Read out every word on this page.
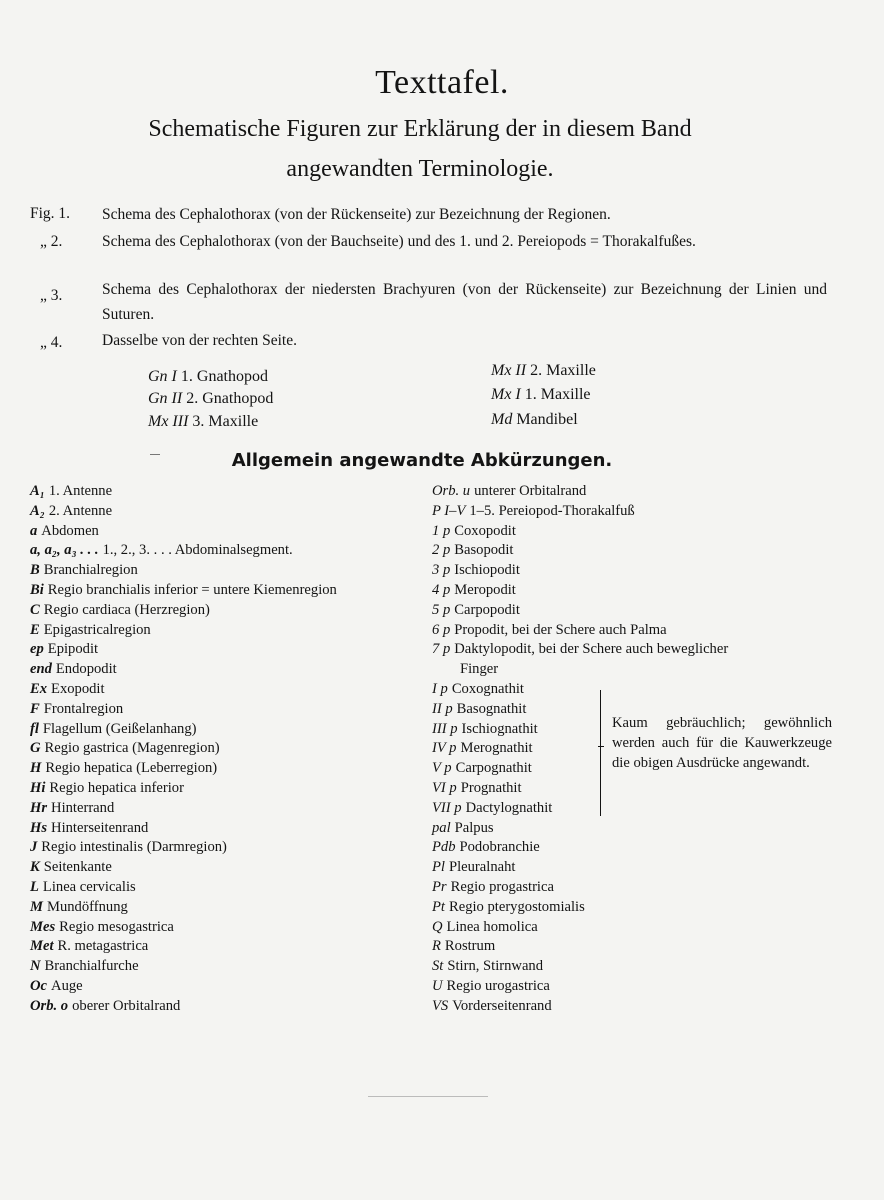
Texttafel.
Schematische Figuren zur Erklärung der in diesem Band
angewandten Terminologie.
Fig. 1. Schema des Cephalothorax (von der Rückenseite) zur Bezeichnung der Regionen.
„ 2.	Schema des Cephalothorax (von der Bauchseite) und des 1. und 2. Pereiopods = Thorakalfußes.
„ 3.	Schema des Cephalothorax der niedersten Brachyuren (von der Rückenseite) zur Bezeichnung der Linien und Suturen.
„ 4.	Dasselbe von der rechten Seite.
Gn I 1. Gnathopod
Gn II 2. Gnathopod
Mx III 3. Maxille
Mx II 2. Maxille
Mx I 1. Maxille
Md Mandibel
Allgemein angewandte Abkürzungen.
A₁ 1. Antenne
A₂ 2. Antenne
a Abdomen
a, a₂, a₃ . . . 1., 2., 3. . . . Abdominalsegment.
B Branchialregion
Bi Regio branchialis inferior = untere Kiemenregion
C Regio cardiaca (Herzregion)
E Epigastricalregion
ep Epipodit
end Endopodit
Ex Exopodit
F Frontalregion
fl Flagellum (Geißelanhang)
G Regio gastrica (Magenregion)
H Regio hepatica (Leberregion)
Hi Regio hepatica inferior
Hr Hinterrand
Hs Hinterseitenrand
J Regio intestinalis (Darmregion)
K Seitenkante
L Linea cervicalis
M Mundöffnung
Mes Regio mesogastrica
Met R. metagastrica
N Branchialfurche
Oc Auge
Orb. o oberer Orbitalrand
Orb. u unterer Orbitalrand
P I–V 1–5. Pereiopod-Thorakalfuß
1 p Coxopodit
2 p Basopodit
3 p Ischiopodit
4 p Meropodit
5 p Carpopodit
6 p Propodit, bei der Schere auch Palma
7 p Daktylopodit, bei der Schere auch beweglicher
Finger
I p Coxognathit
II p Basognathit
III p Ischiognathit
IV p Merognathit
V p Carpognathit
VI p Prognathit
VII p Dactylognathit
pal Palpus
Pdb Podobranchie
Pl Pleuralnaht
Pr Regio progastrica
Pt Regio pterygostomialis
Q Linea homolica
R Rostrum
St Stirn, Stirnwand
U Regio urogastrica
VS Vorderseitenrand
Kaum gebräuchlich; gewöhnlich werden auch für die Kauwerkzeuge die obigen Ausdrücke angewandt.
